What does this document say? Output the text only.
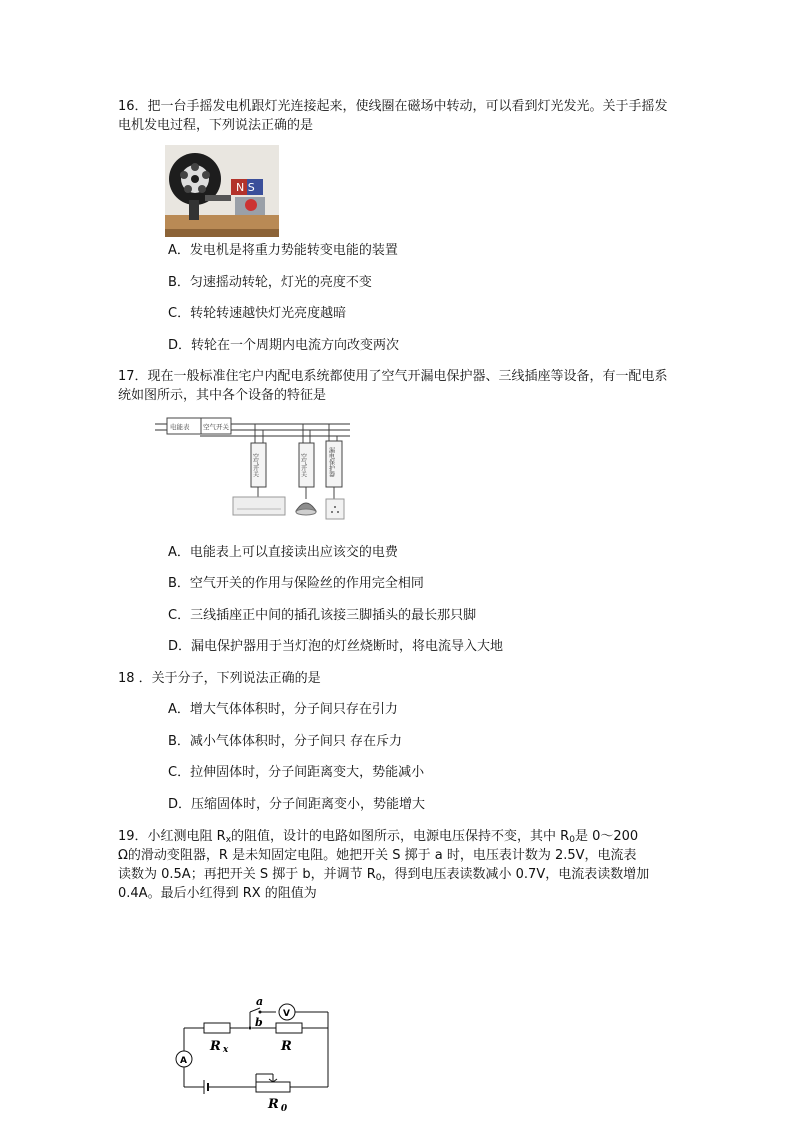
16．把一台手摇发电机跟灯光连接起来，使线圈在磁场中转动，可以看到灯光发光。关于手摇发电机发电过程，下列说法正确的是
N S
A．发电机是将重力势能转变电能的装置
B．匀速摇动转轮，灯光的亮度不变
C．转轮转速越快灯光亮度越暗
D．转轮在一个周期内电流方向改变两次
17．现在一般标准住宅户内配电系统都使用了空气开漏电保护器、三线插座等设备，有一配电系统如图所示，其中各个设备的特征是
电能表 空气开关
空气开关	空气开关	漏电保护器
A．电能表上可以直接读出应该交的电费
B．空气开关的作用与保险丝的作用完全相同
C．三线插座正中间的插孔该接三脚插头的最长那只脚
D．漏电保护器用于当灯泡的灯丝烧断时，将电流导入大地
18 ．关于分子，下列说法正确的是
A．增大气体体积时，分子间只存在引力
B．减小气体体积时，分子间只 存在斥力
C．拉伸固体时，分子间距离变大，势能减小
D．压缩固体时，分子间距离变小，势能增大
19．小红测电阻 $R_x$的阻值，设计的电路如图所示，电源电压保持不变，其中 $R_0$是 0～200
Ω的滑动变阻器，R 是未知固定电阻。她把开关 S 掷于 a 时，电压表计数为 2.5V，电流表
读数为 0.5A；再把开关 S 掷于 b，并调节 $R_0$，得到电压表读数减小 0.7V，电流表读数增加
0.4A。最后小红得到 RX 的阻值为
a
b
V
A
R x	R
R $_0$
